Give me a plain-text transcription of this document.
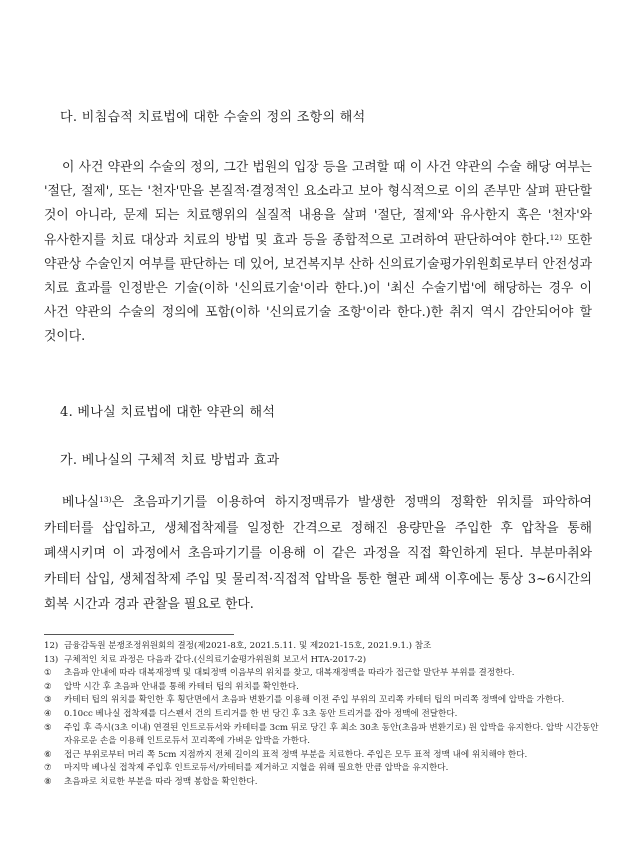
다. 비침습적 치료법에 대한 수술의 정의 조항의 해석

이 사건 약관의 수술의 정의, 그간 법원의 입장 등을 고려할 때 이 사건 약관의 수술 해당 여부는 '절단, 절제', 또는 '천자'만을 본질적·결정적인 요소라고 보아 형식적으로 이의 존부만 살펴 판단할 것이 아니라, 문제 되는 치료행위의 실질적 내용을 살펴 '절단, 절제'와 유사한지 혹은 '천자'와 유사한지를 치료 대상과 치료의 방법 및 효과 등을 종합적으로 고려하여 판단하여야 한다.$^{12)}$ 또한 약관상 수술인지 여부를 판단하는 데 있어, 보건복지부 산하 신의료기술평가위원회로부터 안전성과 치료 효과를 인정받은 기술(이하 '신의료기술'이라 한다.)이 '최신 수술기법'에 해당하는 경우 이 사건 약관의 수술의 정의에 포함(이하 '신의료기술 조항'이라 한다.)한 취지 역시 감안되어야 할 것이다.

4. 베나실 치료법에 대한 약관의 해석
가. 베나실의 구체적 치료 방법과 효과

베나실$^{13)}$은 초음파기기를 이용하여 하지정맥류가 발생한 정맥의 정확한 위치를 파악하여 카테터를 삽입하고, 생체접착제를 일정한 간격으로 정해진 용량만을 주입한 후 압착을 통해 폐색시키며 이 과정에서 초음파기기를 이용해 이 같은 과정을 직접 확인하게 된다. 부분마취와 카테터 삽입, 생체접착제 주입 및 물리적·직접적 압박을 통한 혈관 폐색 이후에는 통상 3~6시간의 회복 시간과 경과 관찰을 필요로 한다.

12) 금융감독원 분쟁조정위원회의 결정(제2021-8호, 2021.5.11. 및 제2021-15호, 2021.9.1.) 참조
13) 구체적인 치료 과정은 다음과 같다.(신의료기술평가위원회 보고서 HTA-2017-2)
①	초음파 안내에 따라 대복재정맥 및 대퇴정맥 이음부의 위치를 찾고, 대복재정맥을 따라가 접근할 말단부 부위를 결정한다.
②	압박 시간 후 초음파 안내를 통해 카테터 팁의 위치를 확인한다.
③	카테터 팁의 위치를 확인한 후 횡단면에서 초음파 변환기를 이용해 이전 주입 부위의 꼬리쪽 카테터 팁의 머리쪽 정맥에 압박을 가한다.
④	0.10cc 베나실 접착제를 디스펜서 건의 트리거를 한 번 당긴 후 3초 동안 트리거를 잡아 정맥에 전달한다.
⑤	주입 후 즉시(3초 이내) 연결된 인트로듀서와 카테터를 3cm 뒤로 당긴 후 최소 30초 동안(초음파 변환기로) 원 압박을 유지한다. 압박 시간동안 자유로운 손을 이용해 인트로듀서 꼬리쪽에 가벼운 압박을 가한다.
⑥	접근 부위로부터 머리 쪽 5cm 지점까지 전체 길이의 표적 정맥 부분을 치료한다. 주입은 모두 표적 정맥 내에 위치해야 한다.
⑦	마지막 베나실 접착제 주입후 인트로듀서/카테터를 제거하고 지혈을 위해 필요한 만큼 압박을 유지한다.
⑧	초음파로 치료한 부분을 따라 정맥 봉합을 확인한다.
